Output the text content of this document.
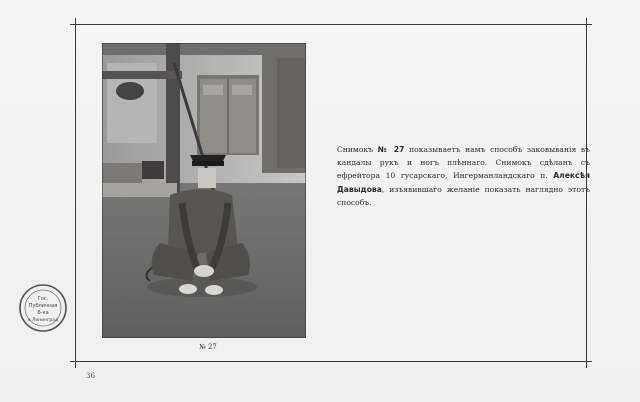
№ 27

Снимокъ № 27 показываетъ намъ способъ заковыванія въ кандалы рукъ и ногъ плѣннаго. Снимокъ сдѣланъ съ ефрейтора 10 гусарскаго, Ингерманландскаго п. Алексѣя Давыдова, изъявившаго желаніе показать наглядно этотъ способъ.

36
Гос.
Публичная
Б-ка
в Ленинград
